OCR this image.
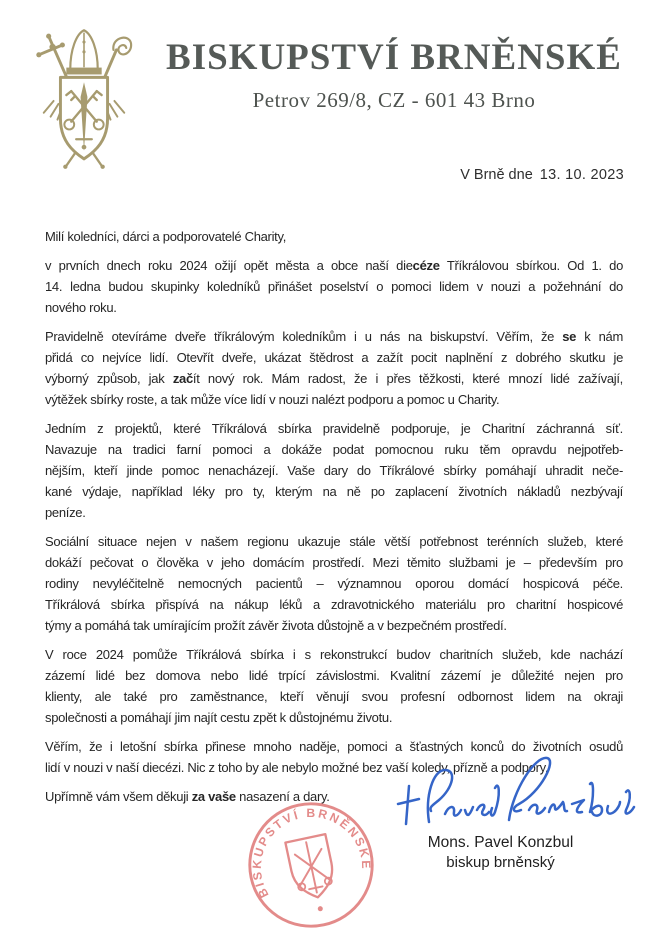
BISKUPSTVÍ BRNĚNSKÉ
Petrov 269/8, CZ - 601 43 Brno
V Brně dne 13. 10. 2023
Milí koledníci, dárci a podporovatelé Charity,
v prvních dnech roku 2024 ožijí opět města a obce naší diecéze Tříkrálovou sbírkou. Od 1. do
14. ledna budou skupinky koledníků přinášet poselství o pomoci lidem v nouzi a požehnání do
nového roku.
Pravidelně otevíráme dveře tříkrálovým koledníkům i u nás na biskupství. Věřím, že se k nám
přidá co nejvíce lidí. Otevřít dveře, ukázat štědrost a zažít pocit naplnění z dobrého skutku je
výborný způsob, jak začít nový rok. Mám radost, že i přes těžkosti, které mnozí lidé zažívají,
výtěžek sbírky roste, a tak může více lidí v nouzi nalézt podporu a pomoc u Charity.
Jedním z projektů, které Tříkrálová sbírka pravidelně podporuje, je Charitní záchranná síť.
Navazuje na tradici farní pomoci a dokáže podat pomocnou ruku těm opravdu nejpotřeb-
nějším, kteří jinde pomoc nenacházejí. Vaše dary do Tříkrálové sbírky pomáhají uhradit neče-
kané výdaje, například léky pro ty, kterým na ně po zaplacení životních nákladů nezbývají
peníze.
Sociální situace nejen v našem regionu ukazuje stále větší potřebnost terénních služeb, které
dokáží pečovat o člověka v jeho domácím prostředí. Mezi těmito službami je – především pro
rodiny nevyléčitelně nemocných pacientů – významnou oporou domácí hospicová péče.
Tříkrálová sbírka přispívá na nákup léků a zdravotnického materiálu pro charitní hospicové
týmy a pomáhá tak umírajícím prožít závěr života důstojně a v bezpečném prostředí.
V roce 2024 pomůže Tříkrálová sbírka i s rekonstrukcí budov charitních služeb, kde nachází
zázemí lidé bez domova nebo lidé trpící závislostmi. Kvalitní zázemí je důležité nejen pro
klienty, ale také pro zaměstnance, kteří věnují svou profesní odbornost lidem na okraji
společnosti a pomáhají jim najít cestu zpět k důstojnému životu.
Věřím, že i letošní sbírka přinese mnoho naděje, pomoci a šťastných konců do životních osudů
lidí v nouzi v naší diecézi. Nic z toho by ale nebylo možné bez vaší koledy, přízně a podpory.
Upřímně vám všem děkuji za vaše nasazení a dary.
BISKUPSTVÍ BRNĚNSKÉ
Mons. Pavel Konzbul
biskup brněnský
